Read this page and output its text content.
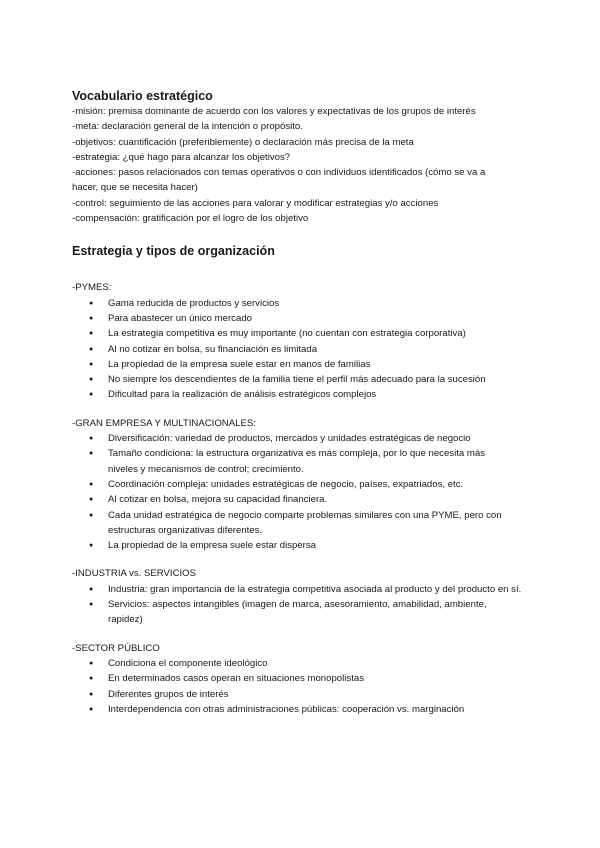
Vocabulario estratégico

-misión: premisa dominante de acuerdo con los valores y expectativas de los grupos de interés

-meta: declaración general de la intención o propósito.

-objetivos: cuantificación (preferiblemente) o declaración más precisa de la meta

-estrategia: ¿qué hago para alcanzar los objetivos?

-acciones: pasos relacionados con temas operativos o con individuos identificados (cómo se va a hacer, que se necesita hacer)

-control: seguimiento de las acciones para valorar y modificar estrategias y/o acciones

-compensación: gratificación por el logro de los objetivo

Estrategia y tipos de organización

-PYMES:

● Gama reducida de productos y servicios
● Para abastecer un único mercado
● La estrategia competitiva es muy importante (no cuentan con estrategia corporativa)
● Al no cotizar en bolsa, su financiación es limitada
● La propiedad de la empresa suele estar en manos de familias
● No siempre los descendientes de la familia tiene el perfil más adecuado para la sucesión
● Dificultad para la realización de análisis estratégicos complejos

-GRAN EMPRESA Y MULTINACIONALES:

● Diversificación: variedad de productos, mercados y unidades estratégicas de negocio
● Tamaño condiciona: la estructura organizativa es más compleja, por lo que necesita más niveles y mecanismos de control; crecimiento.
● Coordinación compleja: unidades estratégicas de negocio, países, expatriados, etc.
● Al cotizar en bolsa, mejora su capacidad financiera.
● Cada unidad estratégica de negocio comparte problemas similares con una PYME, pero con estructuras organizativas diferentes.
● La propiedad de la empresa suele estar dispersa

-INDUSTRIA vs. SERVICIOS

● Industria: gran importancia de la estrategia competitiva asociada al producto y del producto en sí.
● Servicios: aspectos intangibles (imagen de marca, asesoramiento, amabilidad, ambiente, rapidez)

-SECTOR PÚBLICO

● Condiciona el componente ideológico
● En determinados casos operan en situaciones monopolistas
● Diferentes grupos de interés
● Interdependencia con otras administraciones públicas: cooperación vs. marginación
